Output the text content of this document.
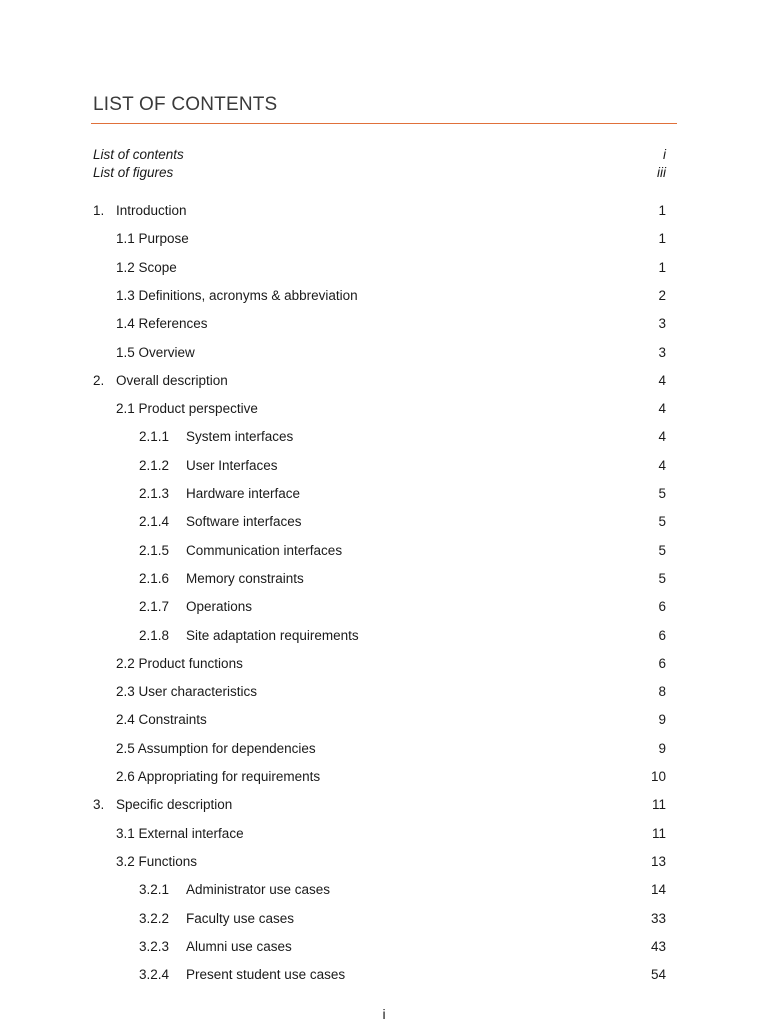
LIST OF CONTENTS
List of contents	i
List of figures	iii
1. Introduction	1
1.1 Purpose	1
1.2 Scope	1
1.3 Definitions, acronyms & abbreviation	2
1.4 References	3
1.5 Overview	3
2. Overall description	4
2.1 Product perspective	4
2.1.1 System interfaces	4
2.1.2 User Interfaces	4
2.1.3 Hardware interface	5
2.1.4 Software interfaces	5
2.1.5 Communication interfaces	5
2.1.6 Memory constraints	5
2.1.7 Operations	6
2.1.8 Site adaptation requirements	6
2.2 Product functions	6
2.3 User characteristics	8
2.4 Constraints	9
2.5 Assumption for dependencies	9
2.6 Appropriating for requirements	10
3. Specific description	11
3.1 External interface	11
3.2 Functions	13
3.2.1 Administrator use cases	14
3.2.2 Faculty use cases	33
3.2.3 Alumni use cases	43
3.2.4 Present student use cases	54
i
